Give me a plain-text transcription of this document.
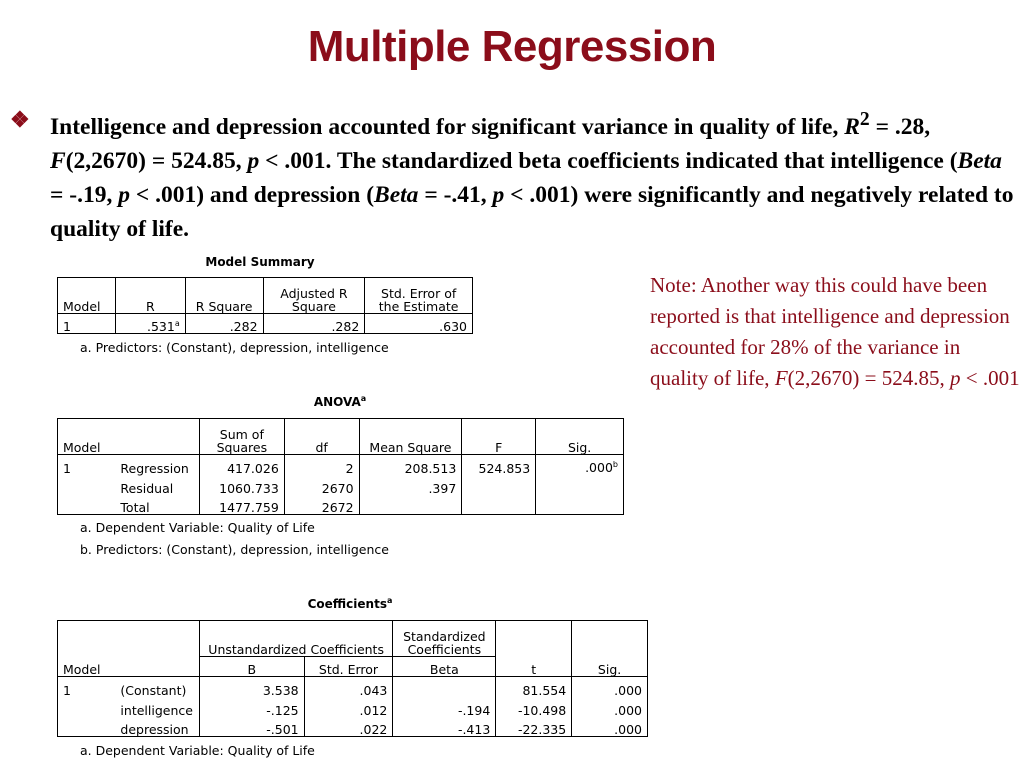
Multiple Regression
❖ Intelligence and depression accounted for significant variance in quality of life, $R^2 = .28$, F(2,2670) = 524.85, p < .001. The standardized beta coefficients indicated that intelligence (Beta = -.19, p < .001) and depression (Beta = -.41, p < .001) were significantly and negatively related to quality of life.
Note: Another way this could have been reported is that intelligence and depression accounted for 28% of the variance in quality of life, F(2,2670) = 524.85, p < .001
Model Summary
Model	R	R Square	Adjusted R Square	Std. Error of the Estimate
1	.531$^a$	.282	.282	.630
a. Predictors: (Constant), depression, intelligence
ANOVA$^a$
Model		Sum of Squares	df	Mean Square	F	Sig.
1	Regression	417.026	2	208.513	524.853	.000$^b$
	Residual	1060.733	2670	.397		
	Total	1477.759	2672			
a. Dependent Variable: Quality of Life
b. Predictors: (Constant), depression, intelligence
Coefficients$^a$
Model		Unstandardized Coefficients		Standardized Coefficients	t	Sig.
		B	Std. Error	Beta		
1	(Constant)	3.538	.043		81.554	.000
	intelligence	-.125	.012	-.194	-10.498	.000
	depression	-.501	.022	-.413	-22.335	.000
a. Dependent Variable: Quality of Life
